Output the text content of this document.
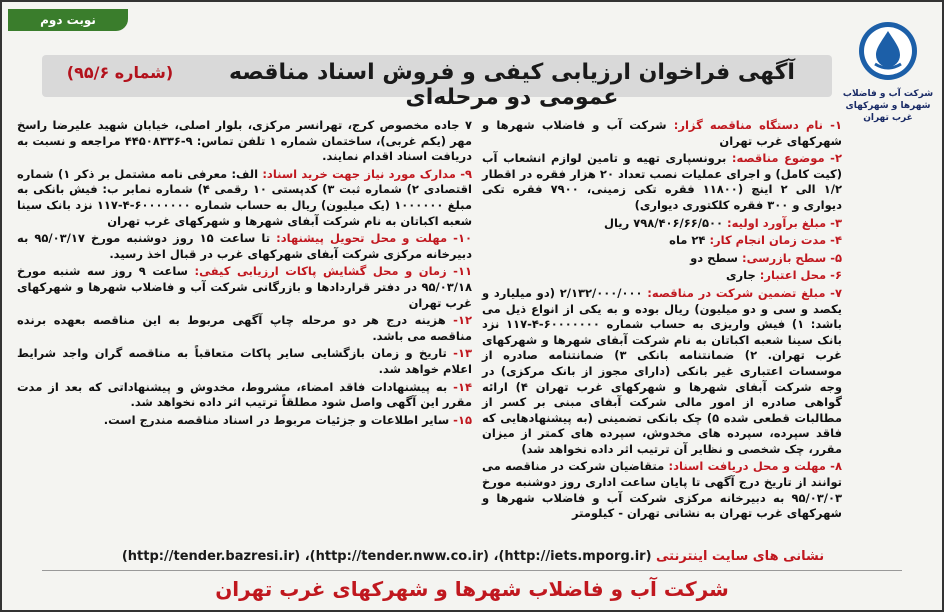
نوبت دوم
آگهی فراخوان ارزیابی کیفی و فروش اسناد مناقصه عمومی دو مرحله‌ای
(شماره ۹۵/۶)
شرکت آب و فاضلاب شهرها و شهرکهای غرب تهران
۱- نام دستگاه مناقصه گزار: شرکت آب و فاضلاب شهرها و شهرکهای غرب تهران
۲- موضوع مناقصه: برونسپاری تهیه و تامین لوازم انشعاب آب (کیت کامل) و اجرای عملیات نصب تعداد ۲۰ هزار فقره در اقطار ۱/۲ الی ۲ اینچ (۱۱۸۰۰ فقره تکی زمینی، ۷۹۰۰ فقره تکی دیواری و ۳۰۰ فقره کلکتوری دیواری)
۳- مبلغ برآورد اولیه: ۷۹۸/۴۰۶/۶۶/۵۰۰ ریال
۴- مدت زمان انجام کار: ۲۴ ماه
۵- سطح بازرسی: سطح دو
۶- محل اعتبار: جاری
۷- مبلغ تضمین شرکت در مناقصه: ۲/۱۳۲/۰۰۰/۰۰۰ (دو میلیارد و یکصد و سی و دو میلیون) ریال بوده و به یکی از انواع ذیل می باشد: ۱) فیش واریزی به حساب شماره ۶۰۰۰۰۰۰۰-۴-۱۱۷ نزد بانک سینا شعبه اکباتان به نام شرکت آبفای شهرها و شهرکهای غرب تهران. ۲) ضمانتنامه بانکی ۳) ضمانتنامه صادره از موسسات اعتباری غیر بانکی (دارای مجوز از بانک مرکزی) در وجه شرکت آبفای شهرها و شهرکهای غرب تهران ۴) ارائه گواهی صادره از امور مالی شرکت آبفای مبنی بر کسر از مطالبات قطعی شده ۵) چک بانکی تضمینی (به پیشنهادهایی که فاقد سپرده، سپرده های مخدوش، سپرده های کمتر از میزان مقرر، چک شخصی و نظایر آن ترتیب اثر داده نخواهد شد)
۸- مهلت و محل دریافت اسناد: متقاضیان شرکت در مناقصه می توانند از تاریخ درج آگهی تا پایان ساعت اداری روز دوشنبه مورخ ۹۵/۰۳/۰۳ به دبیرخانه مرکزی شرکت آب و فاضلاب شهرها و شهرکهای غرب تهران به نشانی تهران - کیلومتر
۷ جاده مخصوص کرج، تهرانسر مرکزی، بلوار اصلی، خیابان شهید علیرضا راسخ مهر (یکم غربی)، ساختمان شماره ۱ تلفن تماس: ۹-۴۴۵۰۸۳۳۶ مراجعه و نسبت به دریافت اسناد اقدام نمایند.
۹- مدارک مورد نیاز جهت خرید اسناد: الف: معرفی نامه مشتمل بر ذکر ۱) شماره اقتصادی ۲) شماره ثبت ۳) کدپستی ۱۰ رقمی ۴) شماره نمابر ب: فیش بانکی به مبلغ ۱۰۰۰۰۰۰ (یک میلیون) ریال به حساب شماره ۶۰۰۰۰۰۰۰-۴-۱۱۷ نزد بانک سینا شعبه اکباتان به نام شرکت آبفای شهرها و شهرکهای غرب تهران
۱۰- مهلت و محل تحویل پیشنهاد: تا ساعت ۱۵ روز دوشنبه مورخ ۹۵/۰۳/۱۷ به دبیرخانه مرکزی شرکت آبفای شهرکهای غرب در قبال اخذ رسید.
۱۱- زمان و محل گشایش پاکات ارزیابی کیفی: ساعت ۹ روز سه شنبه مورخ ۹۵/۰۳/۱۸ در دفتر قراردادها و بازرگانی شرکت آب و فاضلاب شهرها و شهرکهای غرب تهران
۱۲- هزینه درج هر دو مرحله چاپ آگهی مربوط به این مناقصه بعهده برنده مناقصه می باشد.
۱۳- تاریخ و زمان بازگشایی سایر پاکات متعاقباً به مناقصه گران واجد شرایط اعلام خواهد شد.
۱۴- به پیشنهادات فاقد امضاء، مشروط، مخدوش و پیشنهاداتی که بعد از مدت مقرر این آگهی واصل شود مطلقاً ترتیب اثر داده نخواهد شد.
۱۵- سایر اطلاعات و جزئیات مربوط در اسناد مناقصه مندرج است.
نشانی های سایت اینترنتی (http://iets.mporg.ir)، (http://tender.nww.co.ir)، (http://tender.bazresi.ir)
شرکت آب و فاضلاب شهرها و شهرکهای غرب تهران
